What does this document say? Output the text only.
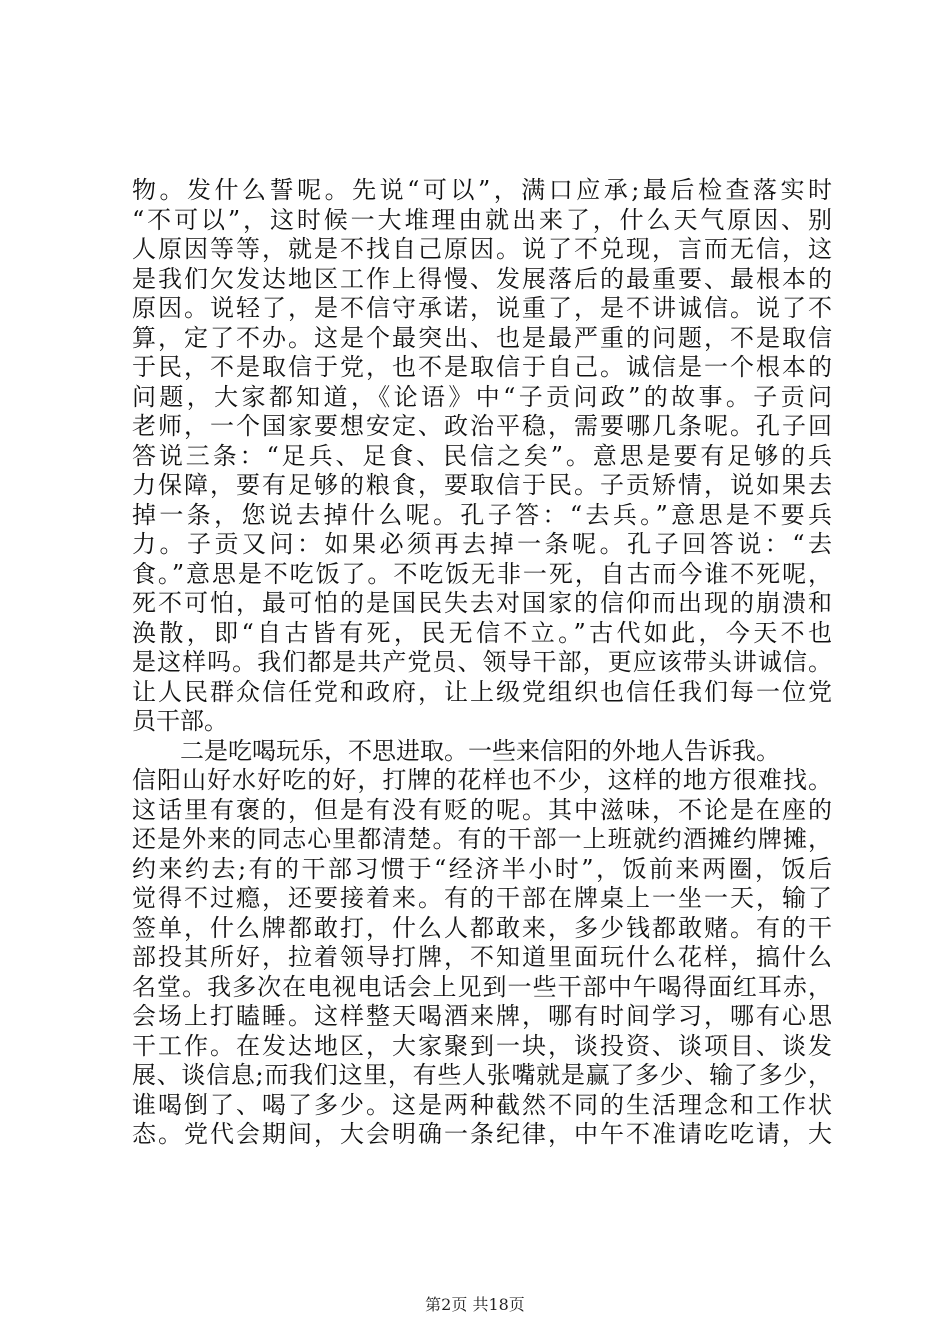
物。发什么誓呢。先说“可以”，满口应承;最后检查落实时
“不可以”，这时候一大堆理由就出来了，什么天气原因、别
人原因等等，就是不找自己原因。说了不兑现，言而无信，这
是我们欠发达地区工作上得慢、发展落后的最重要、最根本的
原因。说轻了，是不信守承诺，说重了，是不讲诚信。说了不
算，定了不办。这是个最突出、也是最严重的问题，不是取信
于民，不是取信于党，也不是取信于自己。诚信是一个根本的
问题，大家都知道，《论语》中“子贡问政”的故事。子贡问
老师，一个国家要想安定、政治平稳，需要哪几条呢。孔子回
答说三条：“足兵、足食、民信之矣”。意思是要有足够的兵
力保障，要有足够的粮食，要取信于民。子贡矫情，说如果去
掉一条，您说去掉什么呢。孔子答：“去兵。”意思是不要兵
力。子贡又问：如果必须再去掉一条呢。孔子回答说：“去
食。”意思是不吃饭了。不吃饭无非一死，自古而今谁不死呢，
死不可怕，最可怕的是国民失去对国家的信仰而出现的崩溃和
涣散，即“自古皆有死，民无信不立。”古代如此，今天不也
是这样吗。我们都是共产党员、领导干部，更应该带头讲诚信。
让人民群众信任党和政府，让上级党组织也信任我们每一位党
员干部。
二是吃喝玩乐，不思进取。一些来信阳的外地人告诉我。
信阳山好水好吃的好，打牌的花样也不少，这样的地方很难找。
这话里有褒的，但是有没有贬的呢。其中滋味，不论是在座的
还是外来的同志心里都清楚。有的干部一上班就约酒摊约牌摊，
约来约去;有的干部习惯于“经济半小时”，饭前来两圈，饭后
觉得不过瘾，还要接着来。有的干部在牌桌上一坐一天，输了
签单，什么牌都敢打，什么人都敢来，多少钱都敢赌。有的干
部投其所好，拉着领导打牌，不知道里面玩什么花样，搞什么
名堂。我多次在电视电话会上见到一些干部中午喝得面红耳赤，
会场上打瞌睡。这样整天喝酒来牌，哪有时间学习，哪有心思
干工作。在发达地区，大家聚到一块，谈投资、谈项目、谈发
展、谈信息;而我们这里，有些人张嘴就是赢了多少、输了多少，
谁喝倒了、喝了多少。这是两种截然不同的生活理念和工作状
态。党代会期间，大会明确一条纪律，中午不准请吃吃请，大
第2页 共18页
